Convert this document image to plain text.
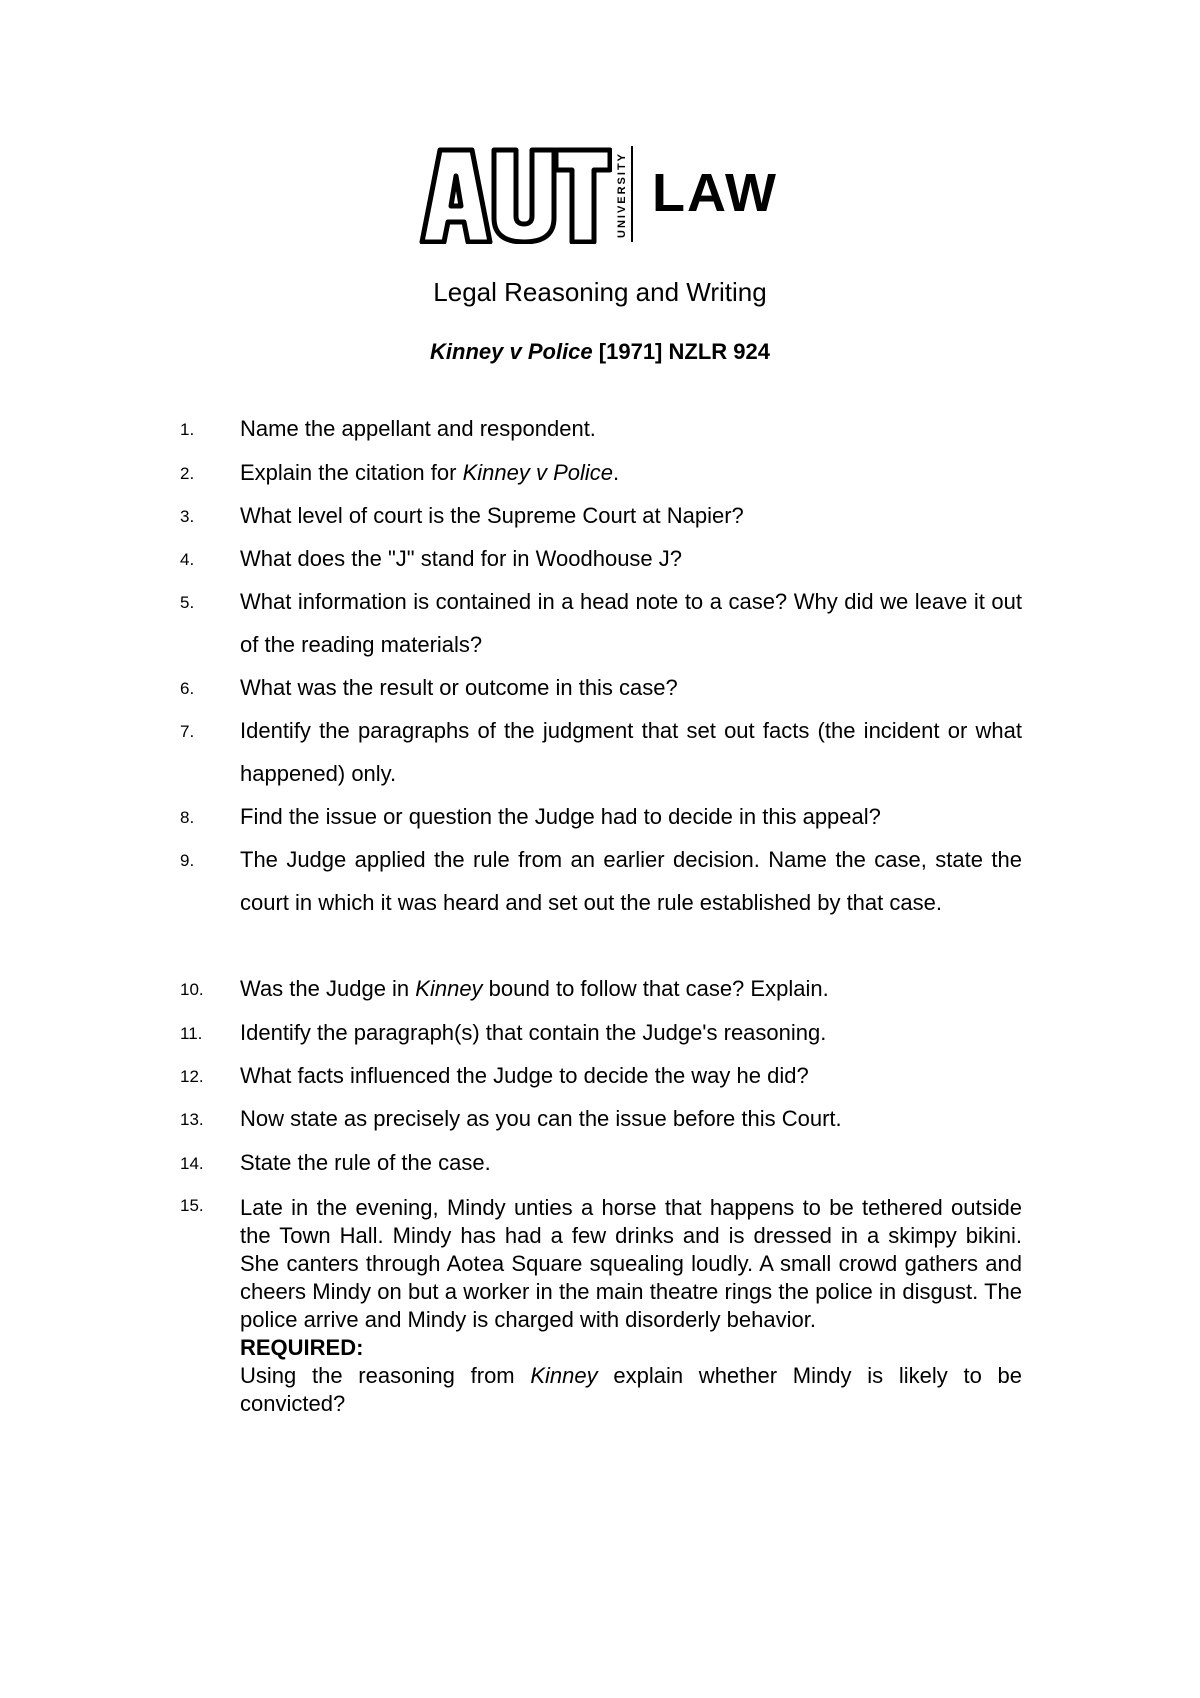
UNIVERSITY LAW
Legal Reasoning and Writing
Kinney v Police [1971] NZLR 924
1.	Name the appellant and respondent.
2.	Explain the citation for Kinney v Police.
3.	What level of court is the Supreme Court at Napier?
4.	What does the "J" stand for in Woodhouse J?
5.	What information is contained in a head note to a case? Why did we leave it out of the reading materials?
6.	What was the result or outcome in this case?
7.	Identify the paragraphs of the judgment that set out facts (the incident or what happened) only.
8.	Find the issue or question the Judge had to decide in this appeal?
9.	The Judge applied the rule from an earlier decision. Name the case, state the court in which it was heard and set out the rule established by that case.
10.	Was the Judge in Kinney bound to follow that case? Explain.
11.	Identify the paragraph(s) that contain the Judge's reasoning.
12.	What facts influenced the Judge to decide the way he did?
13.	Now state as precisely as you can the issue before this Court.
14.	State the rule of the case.
15.	Late in the evening, Mindy unties a horse that happens to be tethered outside the Town Hall. Mindy has had a few drinks and is dressed in a skimpy bikini. She canters through Aotea Square squealing loudly. A small crowd gathers and cheers Mindy on but a worker in the main theatre rings the police in disgust. The police arrive and Mindy is charged with disorderly behavior.
REQUIRED:
Using the reasoning from Kinney explain whether Mindy is likely to be convicted?
